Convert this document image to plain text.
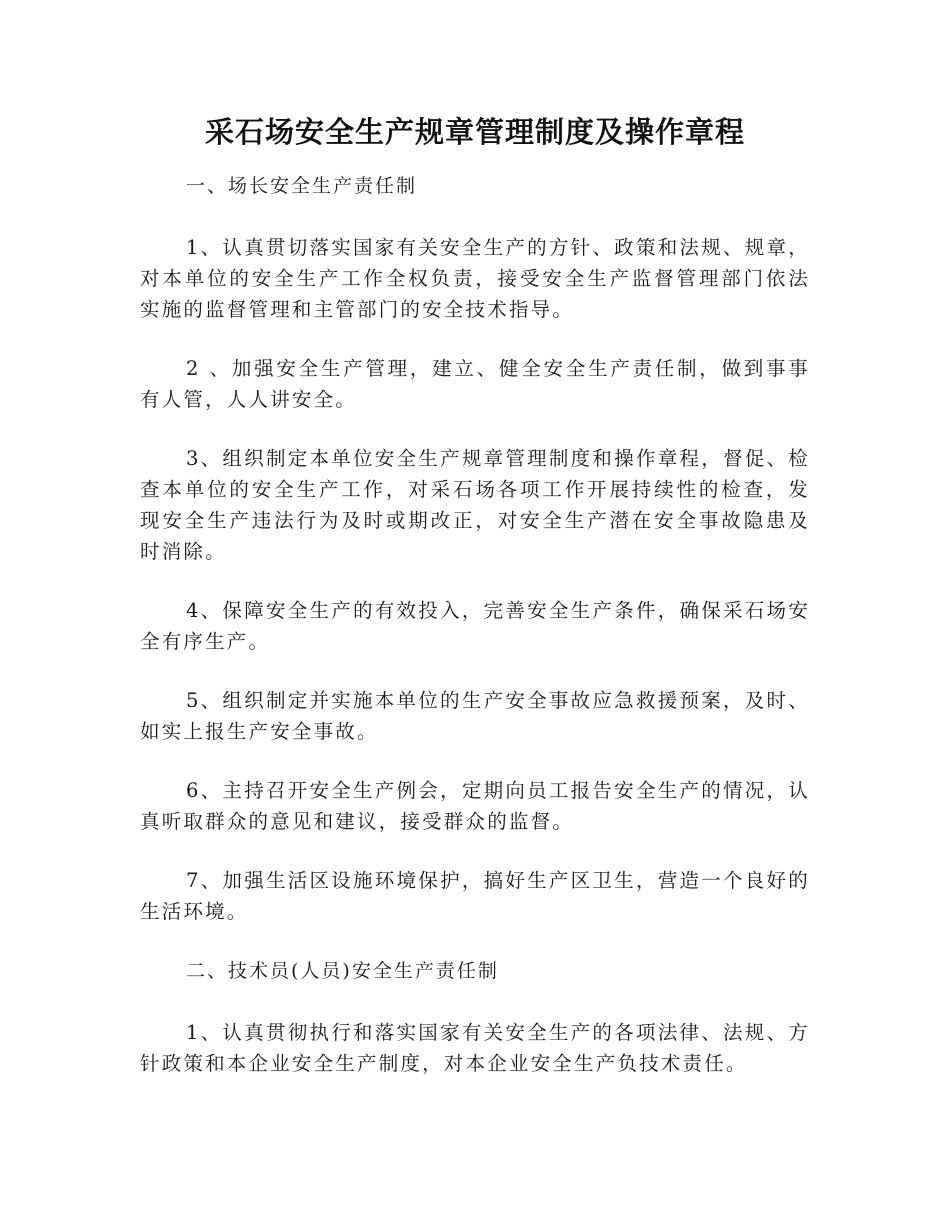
采石场安全生产规章管理制度及操作章程

一、场长安全生产责任制

1、认真贯切落实国家有关安全生产的方针、政策和法规、规章，对本单位的安全生产工作全权负责，接受安全生产监督管理部门依法实施的监督管理和主管部门的安全技术指导。

2 、加强安全生产管理，建立、健全安全生产责任制，做到事事有人管，人人讲安全。

3、组织制定本单位安全生产规章管理制度和操作章程，督促、检查本单位的安全生产工作，对采石场各项工作开展持续性的检查，发现安全生产违法行为及时或期改正，对安全生产潜在安全事故隐患及时消除。

4、保障安全生产的有效投入，完善安全生产条件，确保采石场安全有序生产。

5、组织制定并实施本单位的生产安全事故应急救援预案，及时、如实上报生产安全事故。

6、主持召开安全生产例会，定期向员工报告安全生产的情况，认真听取群众的意见和建议，接受群众的监督。

7、加强生活区设施环境保护，搞好生产区卫生，营造一个良好的生活环境。

二、技术员(人员)安全生产责任制

1、认真贯彻执行和落实国家有关安全生产的各项法律、法规、方针政策和本企业安全生产制度，对本企业安全生产负技术责任。
